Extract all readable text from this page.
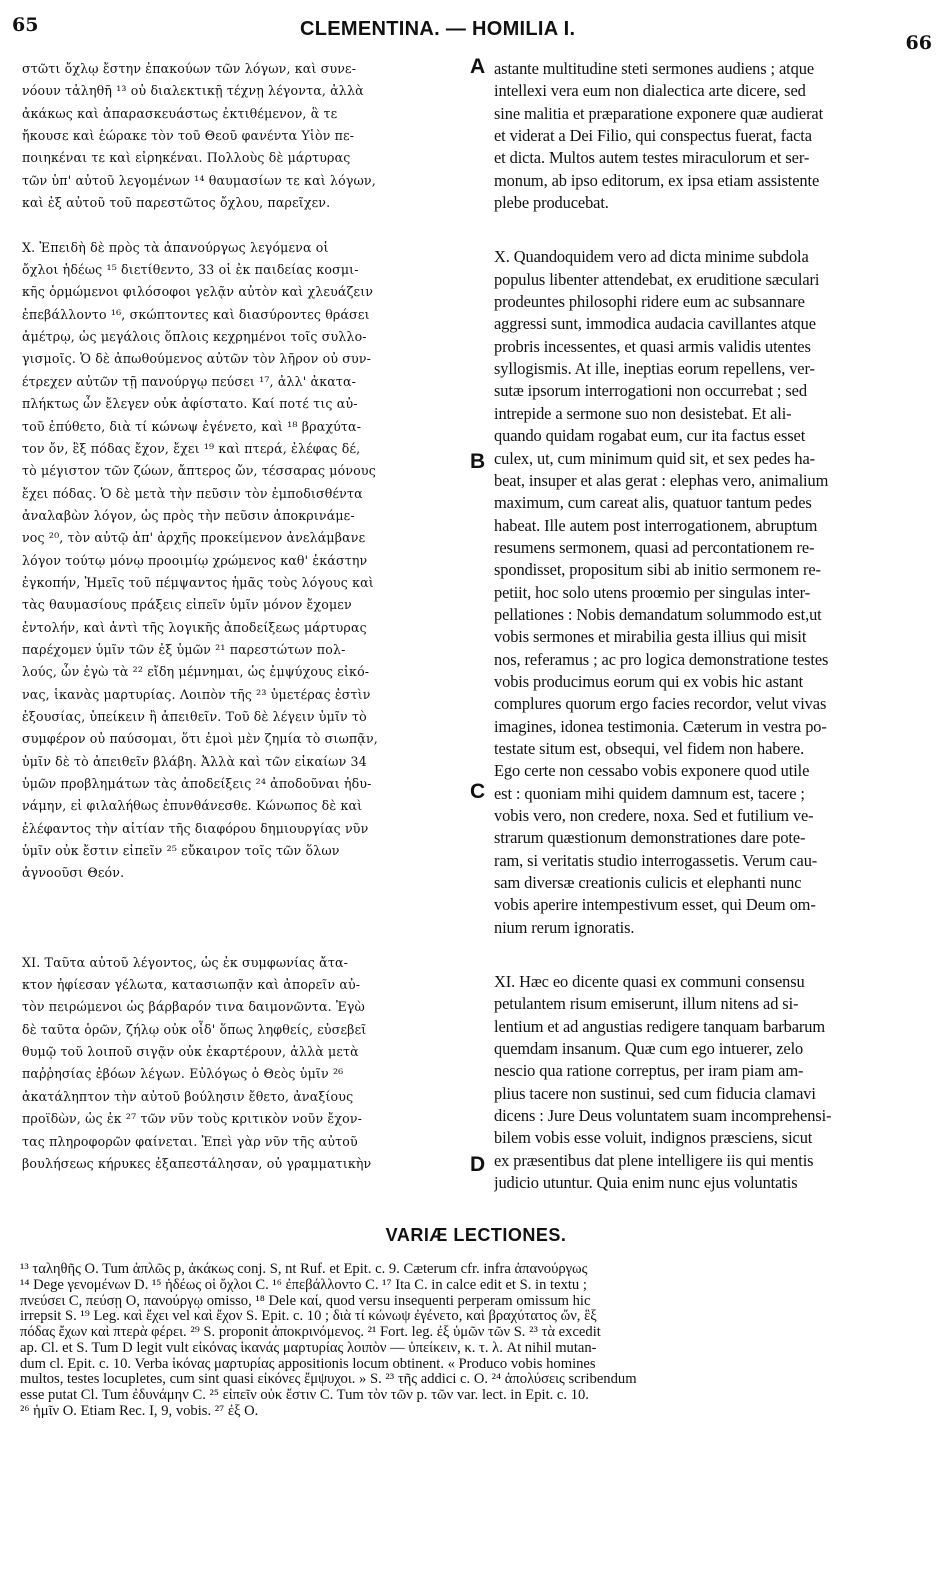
65	CLEMENTINA. — HOMILIA I.
66
στῶτι ὄχλῳ ἔστην ἐπακούων τῶν λόγων, καὶ συνε-
νόουν τἀληθῆ ¹³ οὐ διαλεκτικῇ τέχνῃ λέγοντα, ἀλλὰ
ἀκάκως καὶ ἀπαρασκευάστως ἐκτιθέμενον, ἃ τε
ἤκουσε καὶ ἑώρακε τὸν τοῦ Θεοῦ φανέντα Υἱὸν πε-
ποιηκέναι τε καὶ εἰρηκέναι. Πολλοὺς δὲ μάρτυρας
τῶν ὑπ' αὐτοῦ λεγομένων ¹⁴ θαυμασίων τε καὶ λόγων,
καὶ ἐξ αὐτοῦ τοῦ παρεστῶτος ὄχλου, παρεῖχεν.
X. Ἐπειδὴ δὲ πρὸς τὰ ἀπανούργως λεγόμενα οἱ
ὄχλοι ἡδέως ¹⁵ διετίθεντο, 33 οἱ ἐκ παιδείας κοσμι-
κῆς ὁρμώμενοι φιλόσοφοι γελᾷν αὐτὸν καὶ χλευάζειν
ἐπεβάλλοντο ¹⁶, σκώπτοντες καὶ διασύροντες θράσει
ἀμέτρῳ, ὡς μεγάλοις ὅπλοις κεχρημένοι τοῖς συλλο-
γισμοῖς. Ὁ δὲ ἀπωθούμενος αὐτῶν τὸν λῆρον οὐ συν-
έτρεχεν αὐτῶν τῇ πανούργῳ πεύσει ¹⁷, ἀλλ' ἀκατα-
πλήκτως ὧν ἔλεγεν οὐκ ἀφίστατο. Καί ποτέ τις αὐ-
τοῦ ἐπύθετο, διὰ τί κώνωψ ἐγένετο, καὶ ¹⁸ βραχύτα-
τον ὄν, ἓξ πόδας ἔχον, ἔχει ¹⁹ καὶ πτερά, ἐλέφας δέ,
τὸ μέγιστον τῶν ζώων, ἄπτερος ὤν, τέσσαρας μόνους
ἔχει πόδας. Ὁ δὲ μετὰ τὴν πεῦσιν τὸν ἐμποδισθέντα
ἀναλαβὼν λόγον, ὡς πρὸς τὴν πεῦσιν ἀποκρινάμε-
νος ²⁰, τὸν αὐτῷ ἀπ' ἀρχῆς προκείμενον ἀνελάμβανε
λόγον τούτῳ μόνῳ προοιμίῳ χρώμενος καθ' ἑκάστην
ἐγκοπήν, Ἡμεῖς τοῦ πέμψαντος ἡμᾶς τοὺς λόγους καὶ
τὰς θαυμασίους πράξεις εἰπεῖν ὑμῖν μόνον ἔχομεν
ἐντολήν, καὶ ἀντὶ τῆς λογικῆς ἀποδείξεως μάρτυρας
παρέχομεν ὑμῖν τῶν ἐξ ὑμῶν ²¹ παρεστώτων πολ-
λούς, ὧν ἐγὼ τὰ ²² εἴδη μέμνημαι, ὡς ἐμψύχους εἰκό-
νας, ἱκανὰς μαρτυρίας. Λοιπὸν τῆς ²³ ὑμετέρας ἐστὶν
ἐξουσίας, ὑπείκειν ἢ ἀπειθεῖν. Τοῦ δὲ λέγειν ὑμῖν τὸ
συμφέρον οὐ παύσομαι, ὅτι ἐμοὶ μὲν ζημία τὸ σιωπᾷν,
ὑμῖν δὲ τὸ ἀπειθεῖν βλάβη. Ἀλλὰ καὶ τῶν εἰκαίων 34
ὑμῶν προβλημάτων τὰς ἀποδείξεις ²⁴ ἀποδοῦναι ἠδυ-
νάμην, εἰ φιλαλήθως ἐπυνθάνεσθε. Κώνωπος δὲ καὶ
ἐλέφαντος τὴν αἰτίαν τῆς διαφόρου δημιουργίας νῦν
ὑμῖν οὐκ ἔστιν εἰπεῖν ²⁵ εὔκαιρον τοῖς τῶν ὅλων
ἀγνοοῦσι Θεόν.
XI. Ταῦτα αὐτοῦ λέγοντος, ὡς ἐκ συμφωνίας ἄτα-
κτον ἠφίεσαν γέλωτα, κατασιωπᾷν καὶ ἀπορεῖν αὐ-
τὸν πειρώμενοι ὡς βάρβαρόν τινα δαιμονῶντα. Ἐγὼ
δὲ ταῦτα ὁρῶν, ζήλῳ οὐκ οἶδ' ὅπως ληφθείς, εὐσεβεῖ
θυμῷ τοῦ λοιποῦ σιγᾷν οὐκ ἐκαρτέρουν, ἀλλὰ μετὰ
παῤῥησίας ἐβόων λέγων. Εὐλόγως ὁ Θεὸς ὑμῖν ²⁶
ἀκατάληπτον τὴν αὐτοῦ βούλησιν ἔθετο, ἀναξίους
προϊδὼν, ὡς ἐκ ²⁷ τῶν νῦν τοὺς κριτικὸν νοῦν ἔχον-
τας πληροφορῶν φαίνεται. Ἐπεὶ γὰρ νῦν τῆς αὐτοῦ
βουλήσεως κήρυκες ἐξαπεστάλησαν, οὐ γραμματικὴν
astante multitudine steti sermones audiens ; atque
intellexi vera eum non dialectica arte dicere, sed
sine malitia et præparatione exponere quæ audierat
et viderat a Dei Filio, qui conspectus fuerat, facta
et dicta. Multos autem testes miraculorum et ser-
monum, ab ipso editorum, ex ipsa etiam assistente
plebe producebat.
X. Quandoquidem vero ad dicta minime subdola
populus libenter attendebat, ex eruditione sæculari
prodeuntes philosophi ridere eum ac subsannare
aggressi sunt, immodica audacia cavillantes atque
probris incessentes, et quasi armis validis utentes
syllogismis. At ille, ineptias eorum repellens, ver-
sutæ ipsorum interrogationi non occurrebat ; sed
intrepide a sermone suo non desistebat. Et ali-
quando quidam rogabat eum, cur ita factus esset
culex, ut, cum minimum quid sit, et sex pedes ha-
beat, insuper et alas gerat : elephas vero, animalium
maximum, cum careat alis, quatuor tantum pedes
habeat. Ille autem post interrogationem, abruptum
resumens sermonem, quasi ad percontationem re-
spondisset, propositum sibi ab initio sermonem re-
petiit, hoc solo utens proœmio per singulas inter-
pellationes : Nobis demandatum solummodo est,ut
vobis sermones et mirabilia gesta illius qui misit
nos, referamus ; ac pro logica demonstratione testes
vobis producimus eorum qui ex vobis hic astant
complures quorum ergo facies recordor, velut vivas
imagines, idonea testimonia. Cæterum in vestra po-
testate situm est, obsequi, vel fidem non habere.
Ego certe non cessabo vobis exponere quod utile
est : quoniam mihi quidem damnum est, tacere ;
vobis vero, non credere, noxa. Sed et futilium ve-
strarum quæstionum demonstrationes dare pote-
ram, si veritatis studio interrogassetis. Verum cau-
sam diversæ creationis culicis et elephanti nunc
vobis aperire intempestivum esset, qui Deum om-
nium rerum ignoratis.
XI. Hæc eo dicente quasi ex communi consensu
petulantem risum emiserunt, illum nitens ad si-
lentium et ad angustias redigere tanquam barbarum
quemdam insanum. Quæ cum ego intuerer, zelo
nescio qua ratione correptus, per iram piam am-
plius tacere non sustinui, sed cum fiducia clamavi
dicens : Jure Deus voluntatem suam incomprehensi-
bilem vobis esse voluit, indignos præsciens, sicut
ex præsentibus dat plene intelligere iis qui mentis
judicio utuntur. Quia enim nunc ejus voluntatis
A
B
C
D
VARIÆ LECTIONES.
¹³ ταληθῆς O. Tum ἁπλῶς p, ἀκάκως conj. S, nt Ruf. et Epit. c. 9. Cæterum cfr. infra ἀπανούργως
¹⁴ Dege γενομένων D. ¹⁵ ἡδέως οἱ ὄχλοι C. ¹⁶ ἐπεβάλλοντο C. ¹⁷ Ita C. in calce edit et S. in textu ;
πνεύσει C, πεύσῃ O, πανούργῳ omisso, ¹⁸ Dele καί, quod versu insequenti perperam omissum hic
irrepsit S. ¹⁹ Leg. καὶ ἔχει vel καὶ ἔχον S. Epit. c. 10 ; διὰ τί κώνωψ ἐγένετο, καὶ βραχύτατος ὤν, ἓξ
πόδας ἔχων καὶ πτερὰ φέρει. ²⁹ S. proponit ἀποκρινόμενος. ²¹ Fort. leg. ἐξ ὑμῶν τῶν S. ²³ τὰ excedit
ap. Cl. et S. Tum D legit vult εἰκόνας ἱκανάς μαρτυρίας λοιπὸν — ὑπείκειν, κ. τ. λ. At nihil mutan-
dum cl. Epit. c. 10. Verba ἱκόνας μαρτυρίας appositionis locum obtinent. « Produco vobis homines
multos, testes locupletes, cum sint quasi εἰκόνες ἔμψυχοι. » S. ²³ τῆς addici c. O. ²⁴ ἀπολύσεις scribendum
esse putat Cl. Tum ἐδυνάμην C. ²⁵ εἰπεῖν οὐκ ἔστιν C. Tum τὸν τῶν p. τῶν var. lect. in Epit. c. 10.
²⁶ ἡμῖν O. Etiam Rec. I, 9, vobis. ²⁷ ἐξ O.
